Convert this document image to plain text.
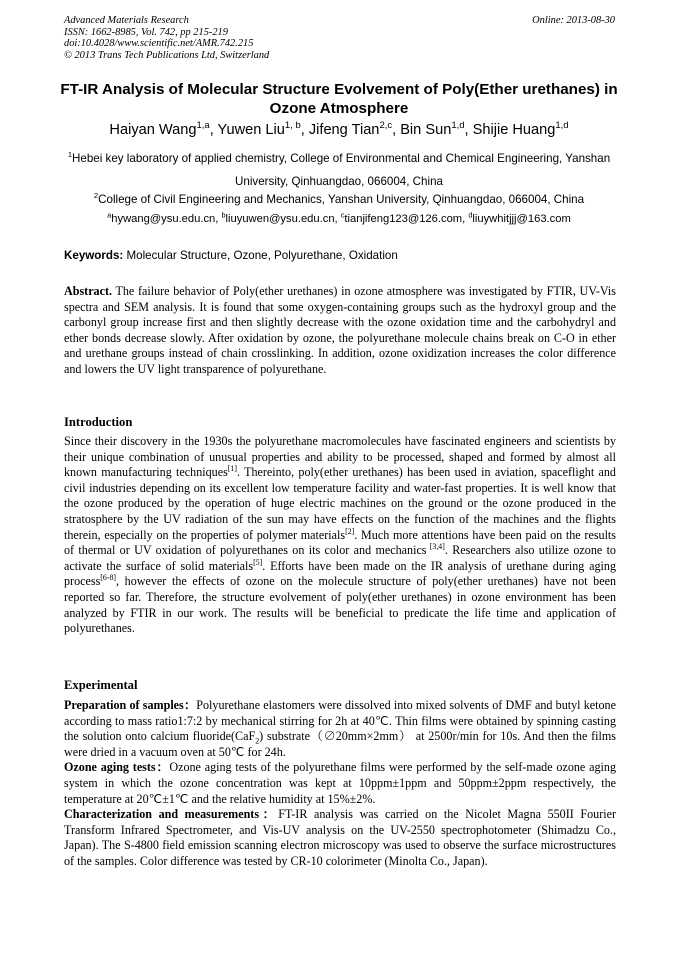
Advanced Materials Research
ISSN: 1662-8985, Vol. 742, pp 215-219
doi:10.4028/www.scientific.net/AMR.742.215
© 2013 Trans Tech Publications Ltd, Switzerland
Online: 2013-08-30
FT-IR Analysis of Molecular Structure Evolvement of Poly(Ether urethanes) in Ozone Atmosphere
Haiyan Wang$^{1,a}$, Yuwen Liu$^{1, b}$, Jifeng Tian$^{2,c}$, Bin Sun$^{1,d}$, Shijie Huang$^{1,d}$
$^1$Hebei key laboratory of applied chemistry, College of Environmental and Chemical Engineering, Yanshan University, Qinhuangdao, 066004, China
$^2$College of Civil Engineering and Mechanics, Yanshan University, Qinhuangdao, 066004, China
$^a$hywang@ysu.edu.cn, $^b$liuyuwen@ysu.edu.cn, $^c$tianjifeng123@126.com, $^d$liuywhitjjj@163.com
Keywords: Molecular Structure, Ozone, Polyurethane, Oxidation
Abstract. The failure behavior of Poly(ether urethanes) in ozone atmosphere was investigated by FTIR, UV-Vis spectra and SEM analysis. It is found that some oxygen-containing groups such as the hydroxyl group and the carbonyl group increase first and then slightly decrease with the ozone oxidation time and the carbohydryl and ether bonds decrease slowly. After oxidation by ozone, the polyurethane molecule chains break on C-O in ether and urethane groups instead of chain crosslinking. In addition, ozone oxidization increases the color difference and lowers the UV light transparence of polyurethane.
Introduction
Since their discovery in the 1930s the polyurethane macromolecules have fascinated engineers and scientists by their unique combination of unusual properties and ability to be processed, shaped and formed by almost all known manufacturing techniques[1]. Thereinto, poly(ether urethanes) has been used in aviation, spaceflight and civil industries depending on its excellent low temperature facility and water-fast properties. It is well know that the ozone produced by the operation of huge electric machines on the ground or the ozone produced in the stratosphere by the UV radiation of the sun may have effects on the function of the machines and the flights therein, especially on the properties of polymer materials[2]. Much more attentions have been paid on the results of thermal or UV oxidation of polyurethanes on its color and mechanics [3,4]. Researchers also utilize ozone to activate the surface of solid materials[5]. Efforts have been made on the IR analysis of urethane during aging process[6-8], however the effects of ozone on the molecule structure of poly(ether urethanes) have not been reported so far. Therefore, the structure evolvement of poly(ether urethanes) in ozone environment has been analyzed by FTIR in our work. The results will be beneficial to predicate the life time and application of polyurethanes.
Experimental

Preparation of samples：Polyurethane elastomers were dissolved into mixed solvents of DMF and butyl ketone according to mass ratio1:7:2 by mechanical stirring for 2h at 40℃. Thin films were obtained by spinning casting the solution onto calcium fluoride(CaF$_2$) substrate（∅20mm×2mm） at 2500r/min for 10s. And then the films were dried in a vacuum oven at 50℃ for 24h.

Ozone aging tests：Ozone aging tests of the polyurethane films were performed by the self-made ozone aging system in which the ozone concentration was kept at 10ppm±1ppm and 50ppm±2ppm respectively, the temperature at 20℃±1℃ and the relative humidity at 15%±2%.

Characterization and measurements：FT-IR analysis was carried on the Nicolet Magna 550II Fourier Transform Infrared Spectrometer, and Vis-UV analysis on the UV-2550 spectrophotometer (Shimadzu Co., Japan). The S-4800 field emission scanning electron microscopy was used to observe the surface microstructures of the samples. Color difference was tested by CR-10 colorimeter (Minolta Co., Japan).
